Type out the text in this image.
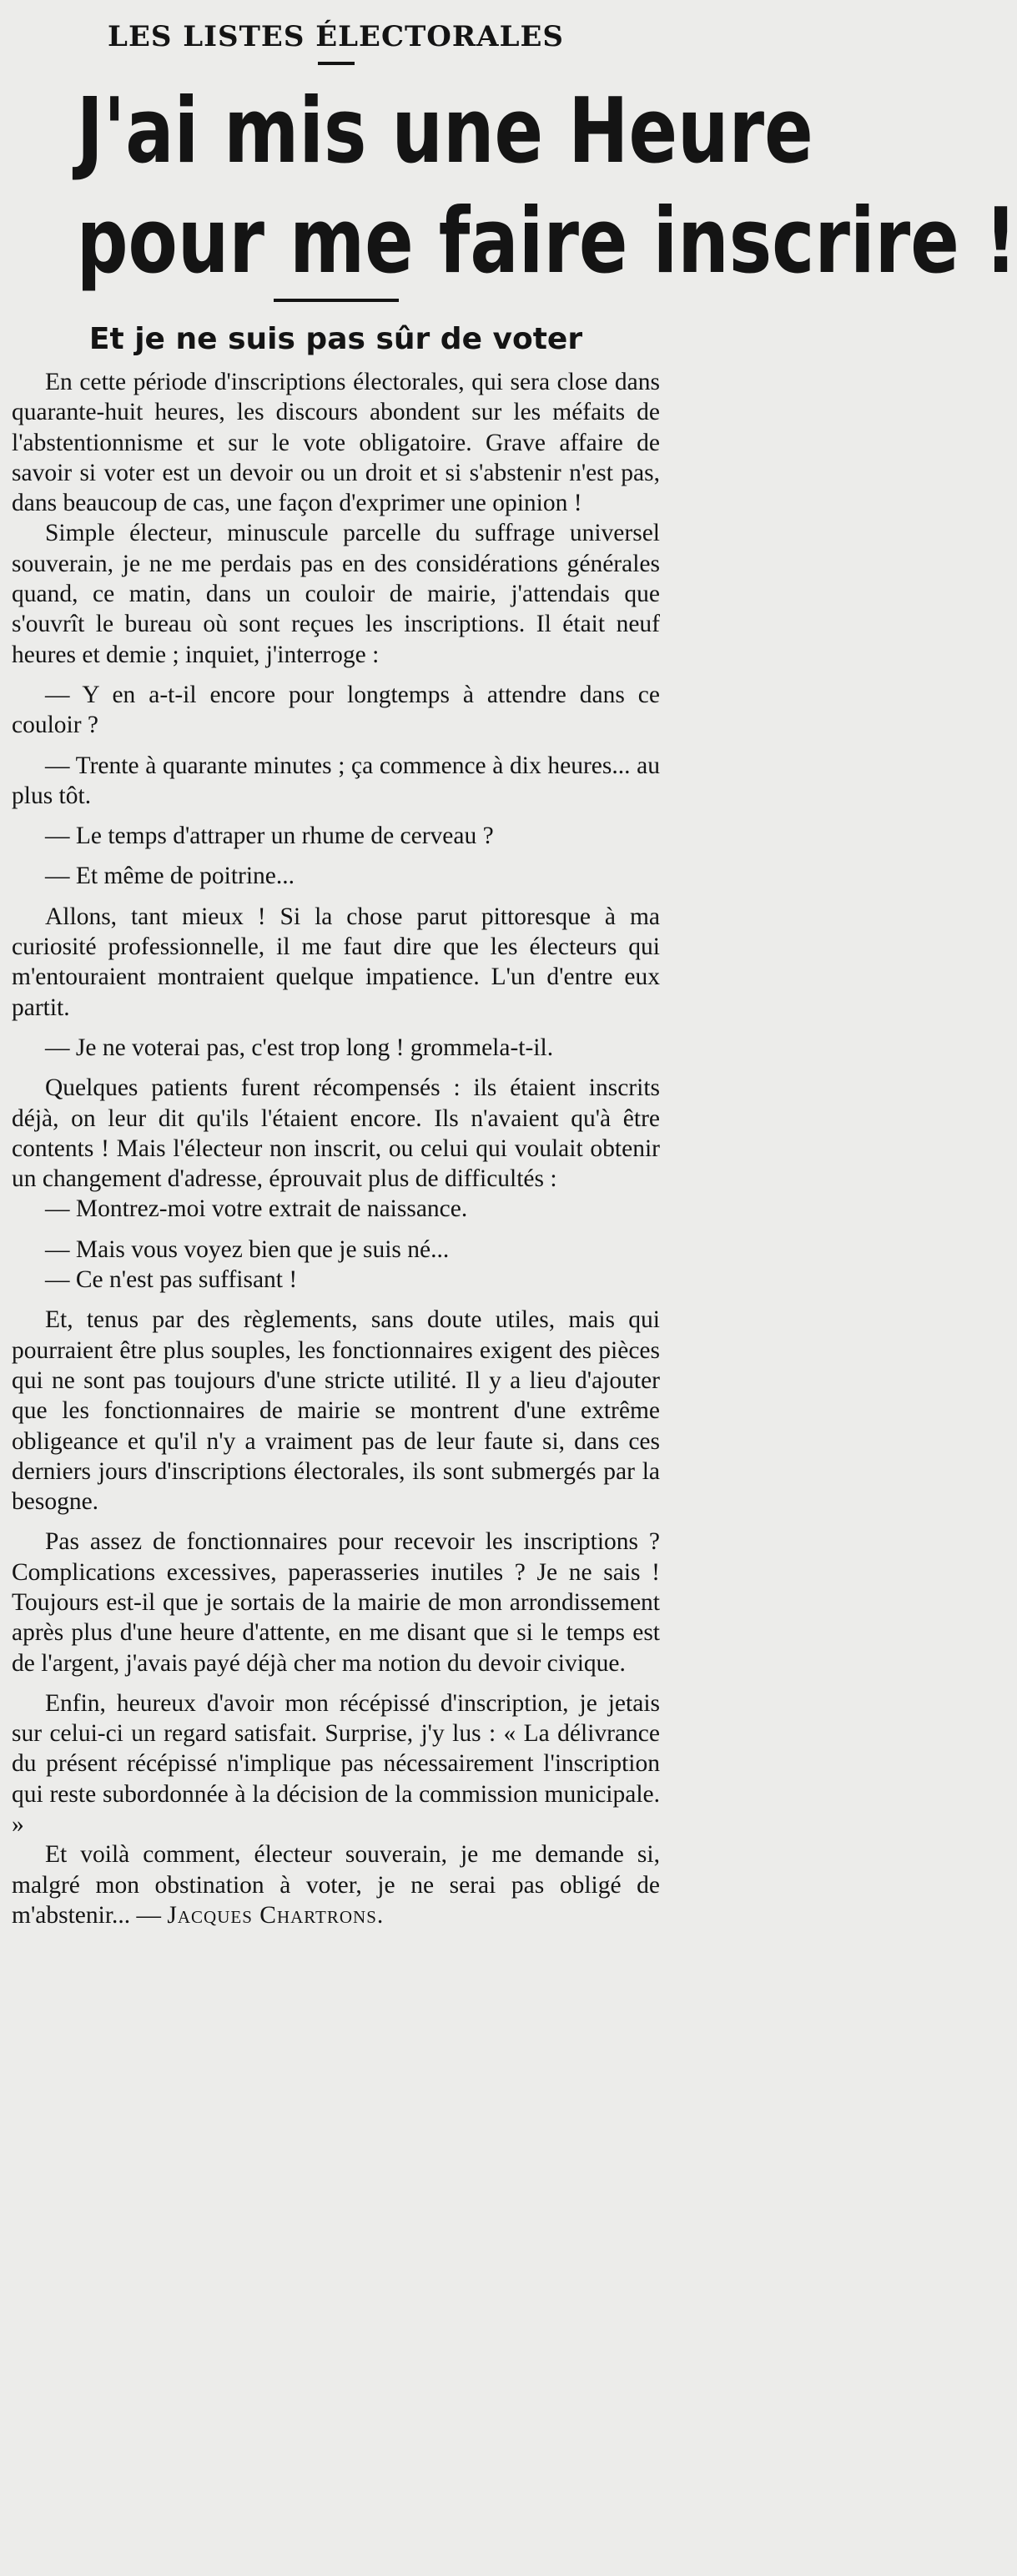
LES LISTES ÉLECTORALES
J'ai mis une Heure
pour me faire inscrire !
Et je ne suis pas sûr de voter

En cette période d'inscriptions électorales, qui sera close dans quarante-huit heures, les discours abondent sur les méfaits de l'abstentionnisme et sur le vote obligatoire. Grave affaire de savoir si voter est un devoir ou un droit et si s'abstenir n'est pas, dans beaucoup de cas, une façon d'exprimer une opinion !

Simple électeur, minuscule parcelle du suffrage universel souverain, je ne me perdais pas en des considérations générales quand, ce matin, dans un couloir de mairie, j'attendais que s'ouvrît le bureau où sont reçues les inscriptions. Il était neuf heures et demie ; inquiet, j'interroge :

— Y en a-t-il encore pour longtemps à attendre dans ce couloir ?

— Trente à quarante minutes ; ça commence à dix heures... au plus tôt.

— Le temps d'attraper un rhume de cerveau ?

— Et même de poitrine...

Allons, tant mieux ! Si la chose parut pittoresque à ma curiosité professionnelle, il me faut dire que les électeurs qui m'entouraient montraient quelque impatience. L'un d'entre eux partit.

— Je ne voterai pas, c'est trop long ! grommela-t-il.

Quelques patients furent récompensés : ils étaient inscrits déjà, on leur dit qu'ils l'étaient encore. Ils n'avaient qu'à être contents ! Mais l'électeur non inscrit, ou celui qui voulait obtenir un changement d'adresse, éprouvait plus de difficultés :

— Montrez-moi votre extrait de naissance.

— Mais vous voyez bien que je suis né...

— Ce n'est pas suffisant !

Et, tenus par des règlements, sans doute utiles, mais qui pourraient être plus souples, les fonctionnaires exigent des pièces qui ne sont pas toujours d'une stricte utilité. Il y a lieu d'ajouter que les fonctionnaires de mairie se montrent d'une extrême obligeance et qu'il n'y a vraiment pas de leur faute si, dans ces derniers jours d'inscriptions électorales, ils sont submergés par la besogne.

Pas assez de fonctionnaires pour recevoir les inscriptions ? Complications excessives, paperasseries inutiles ? Je ne sais ! Toujours est-il que je sortais de la mairie de mon arrondissement après plus d'une heure d'attente, en me disant que si le temps est de l'argent, j'avais payé déjà cher ma notion du devoir civique.

Enfin, heureux d'avoir mon récépissé d'inscription, je jetais sur celui-ci un regard satisfait. Surprise, j'y lus : « La délivrance du présent récépissé n'implique pas nécessairement l'inscription qui reste subordonnée à la décision de la commission municipale. »

Et voilà comment, électeur souverain, je me demande si, malgré mon obstination à voter, je ne serai pas obligé de m'abstenir... — Jacques Chartrons.
